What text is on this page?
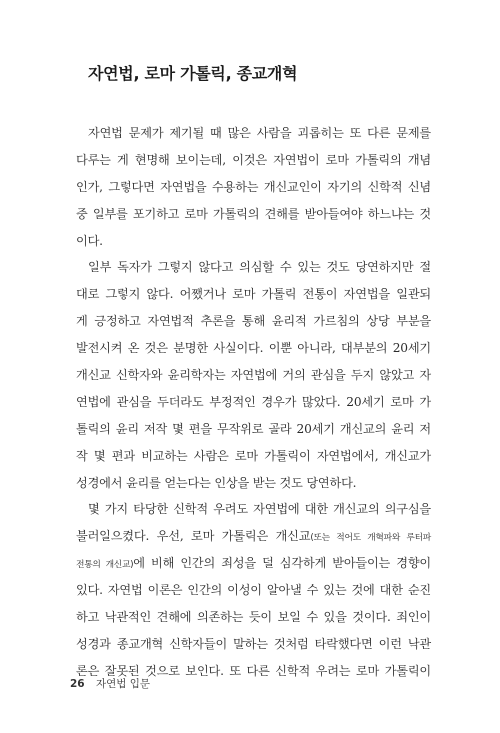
자연법, 로마 가톨릭, 종교개혁
자연법 문제가 제기될 때 많은 사람을 괴롭히는 또 다른 문제를
다루는 게 현명해 보이는데, 이것은 자연법이 로마 가톨릭의 개념
인가, 그렇다면 자연법을 수용하는 개신교인이 자기의 신학적 신념
중 일부를 포기하고 로마 가톨릭의 견해를 받아들여야 하느냐는 것
이다.
일부 독자가 그렇지 않다고 의심할 수 있는 것도 당연하지만 절
대로 그렇지 않다. 어쨌거나 로마 가톨릭 전통이 자연법을 일관되
게 긍정하고 자연법적 추론을 통해 윤리적 가르침의 상당 부분을
발전시켜 온 것은 분명한 사실이다. 이뿐 아니라, 대부분의 20세기
개신교 신학자와 윤리학자는 자연법에 거의 관심을 두지 않았고 자
연법에 관심을 두더라도 부정적인 경우가 많았다. 20세기 로마 가
톨릭의 윤리 저작 몇 편을 무작위로 골라 20세기 개신교의 윤리 저
작 몇 편과 비교하는 사람은 로마 가톨릭이 자연법에서, 개신교가
성경에서 윤리를 얻는다는 인상을 받는 것도 당연하다.
몇 가지 타당한 신학적 우려도 자연법에 대한 개신교의 의구심을
불러일으켰다. 우선, 로마 가톨릭은 개신교(또는 적어도 개혁파와 루터파
전통의 개신교)에 비해 인간의 죄성을 덜 심각하게 받아들이는 경향이
있다. 자연법 이론은 인간의 이성이 알아낼 수 있는 것에 대한 순진
하고 낙관적인 견해에 의존하는 듯이 보일 수 있을 것이다. 죄인이
성경과 종교개혁 신학자들이 말하는 것처럼 타락했다면 이런 낙관
론은 잘못된 것으로 보인다. 또 다른 신학적 우려는 로마 가톨릭이
26 자연법 입문
